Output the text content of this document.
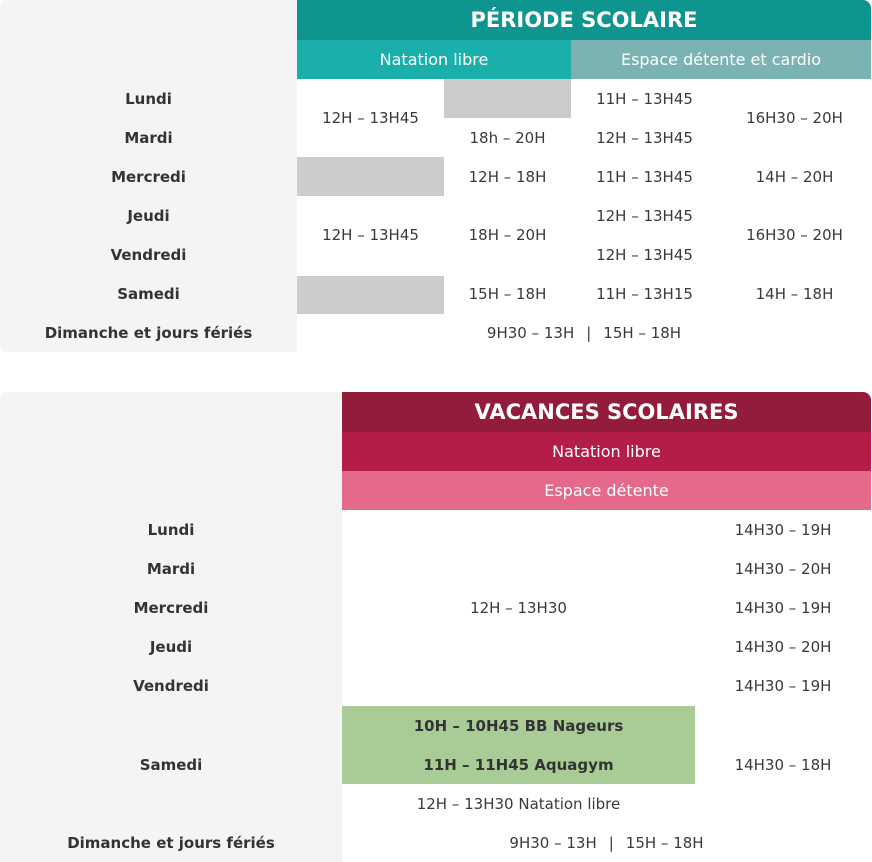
PÉRIODE SCOLAIRE
Natation libre	Espace détente et cardio
Lundi
Mardi
Mercredi
Jeudi
Vendredi
Samedi
Dimanche et jours fériés
12H – 13H45
12H – 13H45
18h – 20H
12H – 18H
18H – 20H
15H – 18H
11H – 13H45
12H – 13H45
11H – 13H45
12H – 13H45
12H – 13H45
11H – 13H15
16H30 – 20H
14H – 20H
16H30 – 20H
14H – 18H
9H30 – 13H | 15H – 18H
VACANCES SCOLAIRES
Natation libre
Espace détente
Lundi
Mardi
Mercredi
Jeudi
Vendredi
Samedi
Dimanche et jours fériés
12H – 13H30
14H30 – 19H
14H30 – 20H
14H30 – 19H
14H30 – 20H
14H30 – 19H
10H – 10H45 BB Nageurs
11H – 11H45 Aquagym
12H – 13H30 Natation libre
14H30 – 18H
9H30 – 13H | 15H – 18H
